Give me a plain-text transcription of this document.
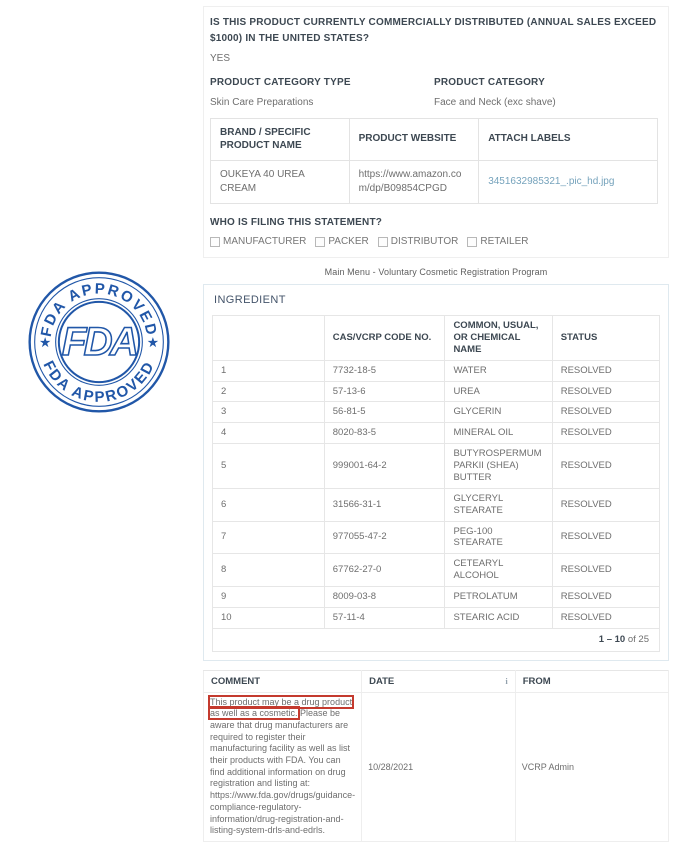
FDA APPROVED
FDA APPROVED
★	★
FDA
IS THIS PRODUCT CURRENTLY COMMERCIALLY DISTRIBUTED (ANNUAL SALES EXCEED $1000) IN THE UNITED STATES?
YES
PRODUCT CATEGORY TYPE
Skin Care Preparations
PRODUCT CATEGORY
Face and Neck (exc shave)
BRAND / SPECIFIC PRODUCT NAME	PRODUCT WEBSITE	ATTACH LABELS
OUKEYA 40 UREA CREAM	https://www.amazon.com/dp/B09854CPGD	3451632985321_.pic_hd.jpg
WHO IS FILING THIS STATEMENT?
MANUFACTURER PACKER DISTRIBUTOR RETAILER
Main Menu - Voluntary Cosmetic Registration Program
INGREDIENT
	CAS/VCRP CODE NO.	COMMON, USUAL, OR CHEMICAL NAME	STATUS
1	7732-18-5	WATER	RESOLVED
2	57-13-6	UREA	RESOLVED
3	56-81-5	GLYCERIN	RESOLVED
4	8020-83-5	MINERAL OIL	RESOLVED
5	999001-64-2	BUTYROSPERMUM PARKII (SHEA) BUTTER	RESOLVED
6	31566-31-1	GLYCERYL STEARATE	RESOLVED
7	977055-47-2	PEG-100 STEARATE	RESOLVED
8	67762-27-0	CETEARYL ALCOHOL	RESOLVED
9	8009-03-8	PETROLATUM	RESOLVED
10	57-11-4	STEARIC ACID	RESOLVED
1 – 10 of 25			
COMMENT	DATE i	FROM
This product may be a drug product as well as a cosmetic. Please be aware that drug manufacturers are required to register their manufacturing facility as well as list their products with FDA. You can find additional information on drug registration and listing at: https://www.fda.gov/drugs/guidance-compliance-regulatory-information/drug-registration-and-listing-system-drls-and-edrls.	10/28/2021	VCRP Admin
